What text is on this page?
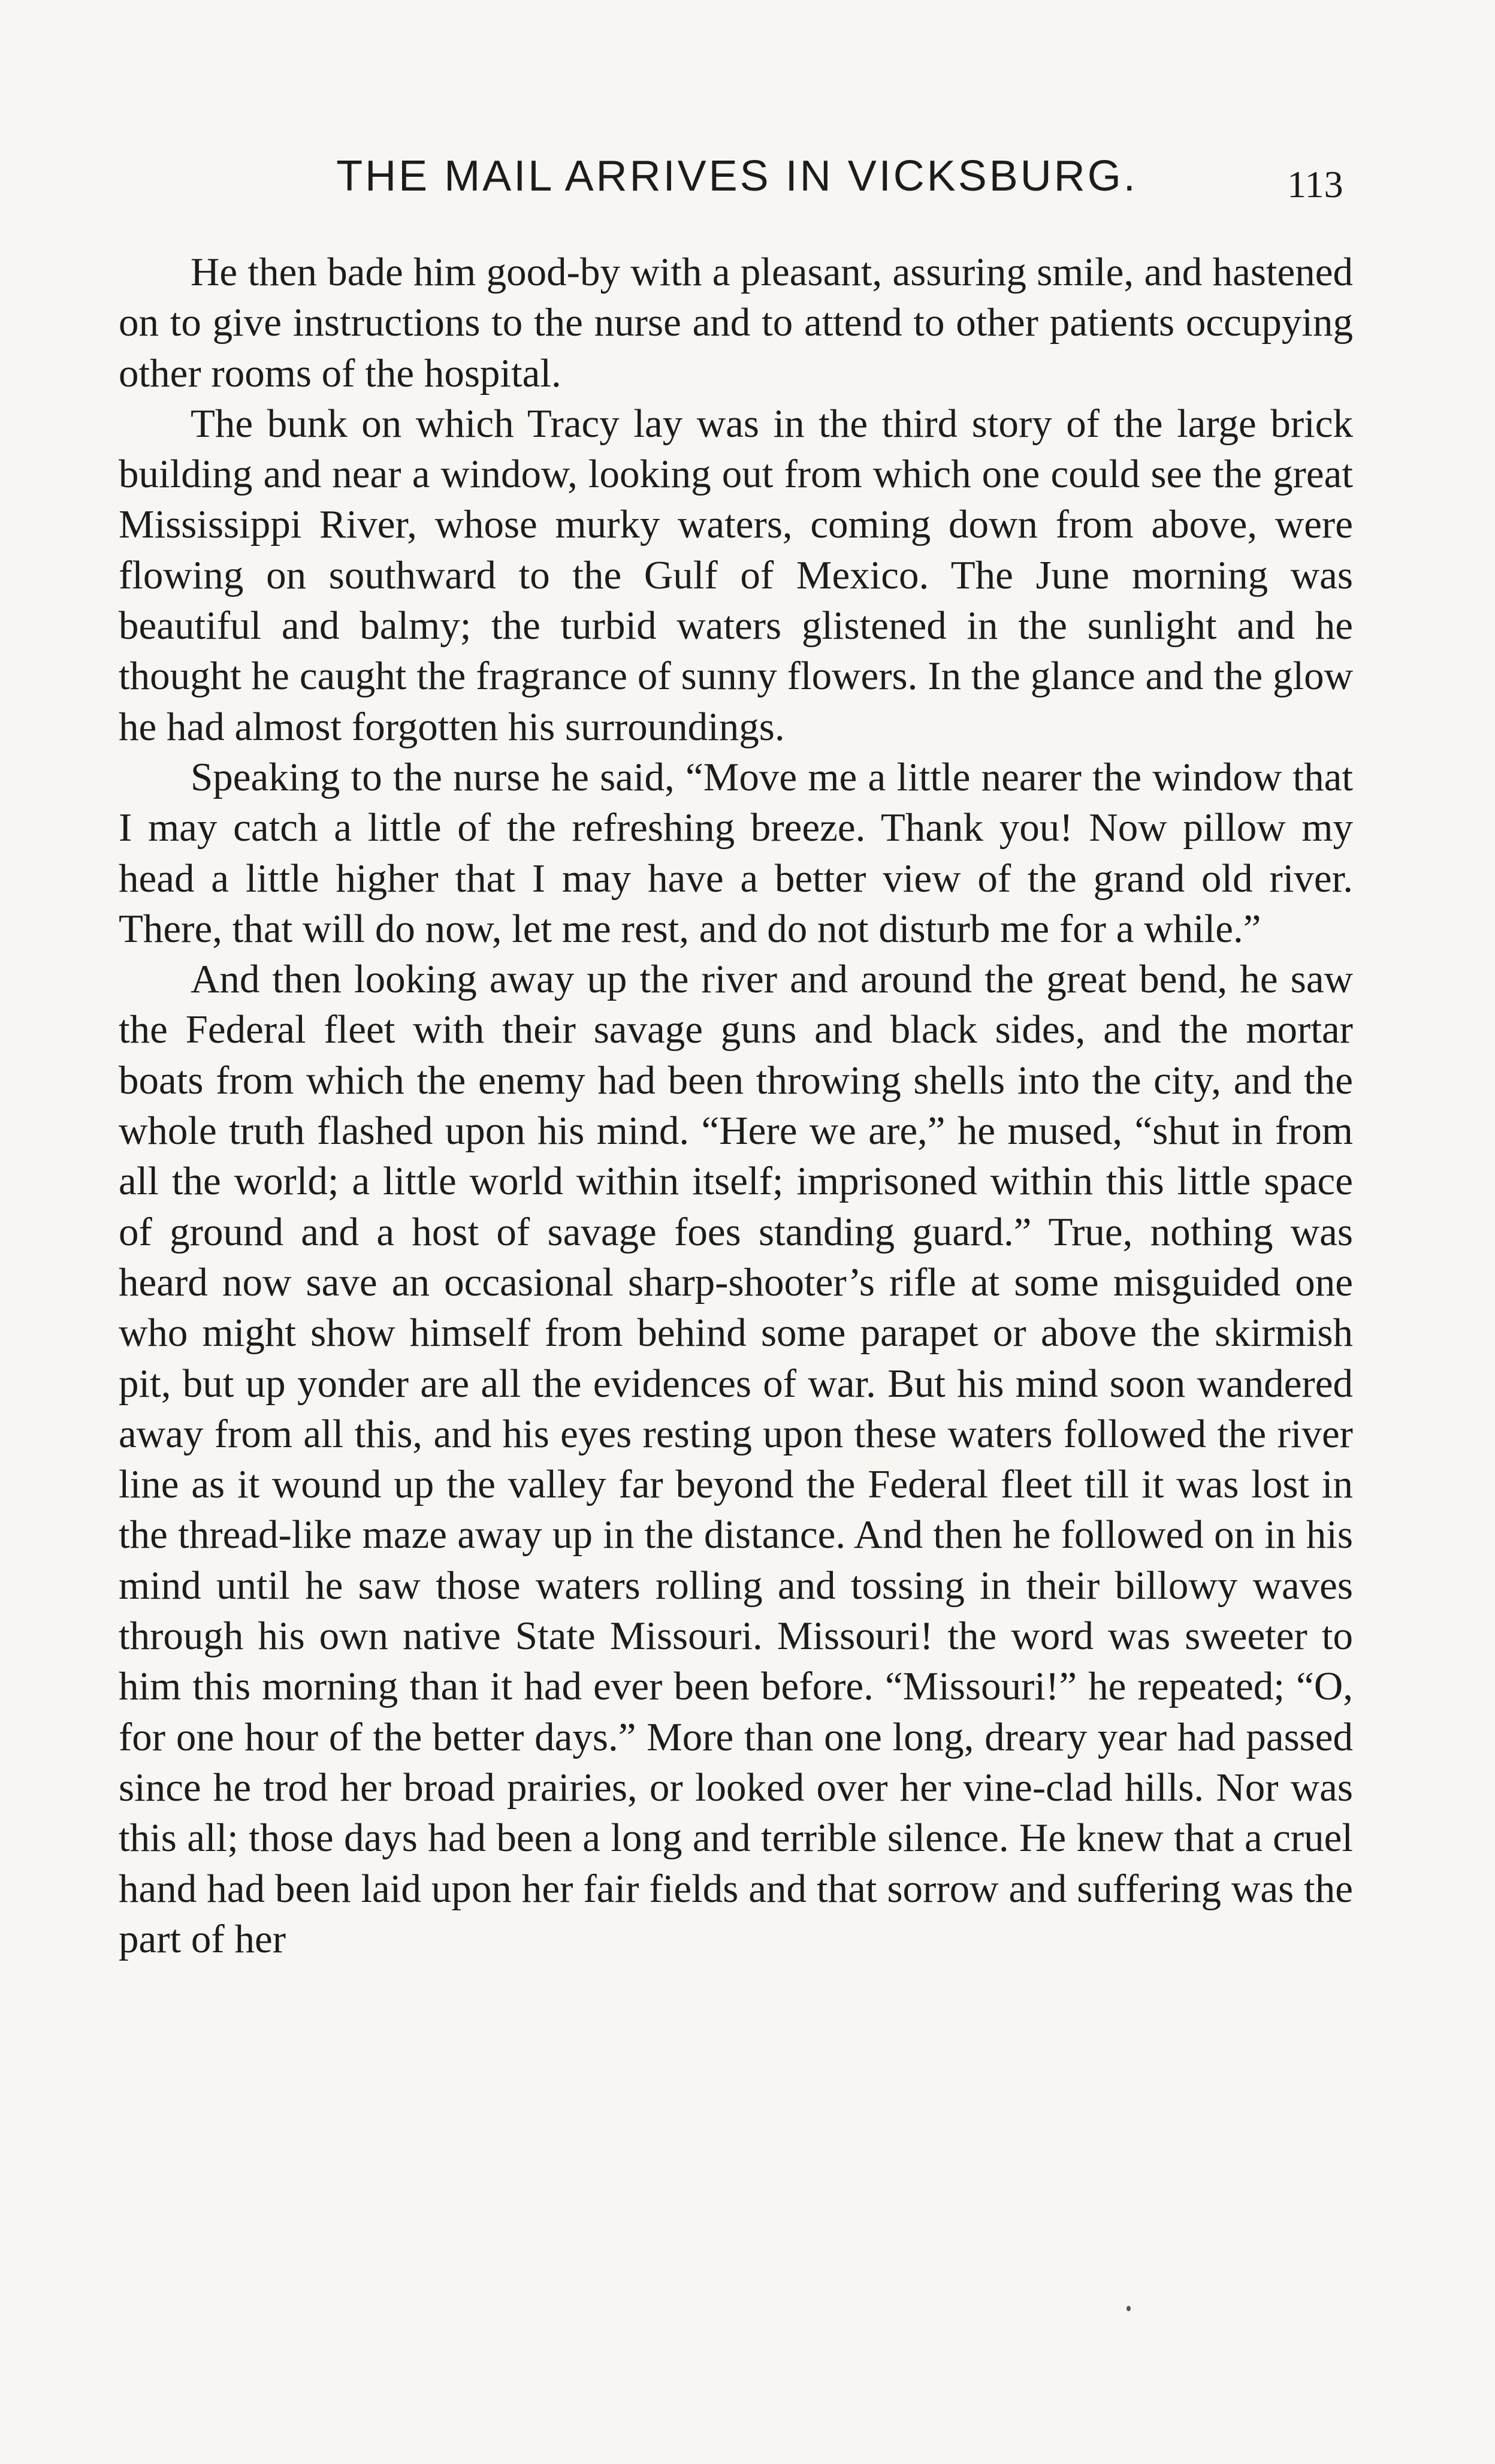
THE MAIL ARRIVES IN VICKSBURG.	113

He then bade him good-by with a pleasant, assuring smile, and hastened on to give instructions to the nurse and to attend to other patients occupying other rooms of the hospital.

The bunk on which Tracy lay was in the third story of the large brick building and near a window, looking out from which one could see the great Mississippi River, whose murky waters, coming down from above, were flowing on southward to the Gulf of Mexico. The June morning was beautiful and balmy; the turbid waters glistened in the sunlight and he thought he caught the fragrance of sunny flowers. In the glance and the glow he had almost forgotten his surroundings.

Speaking to the nurse he said, “Move me a little nearer the window that I may catch a little of the refreshing breeze. Thank you! Now pillow my head a little higher that I may have a better view of the grand old river. There, that will do now, let me rest, and do not disturb me for a while.”

And then looking away up the river and around the great bend, he saw the Federal fleet with their savage guns and black sides, and the mortar boats from which the enemy had been throwing shells into the city, and the whole truth flashed upon his mind. “Here we are,” he mused, “shut in from all the world; a little world within itself; imprisoned within this little space of ground and a host of savage foes standing guard.” True, nothing was heard now save an occasional sharp-shooter’s rifle at some misguided one who might show himself from behind some parapet or above the skirmish pit, but up yonder are all the evidences of war. But his mind soon wandered away from all this, and his eyes resting upon these waters followed the river line as it wound up the valley far beyond the Federal fleet till it was lost in the thread-like maze away up in the distance. And then he followed on in his mind until he saw those waters rolling and tossing in their billowy waves through his own native State Missouri. Missouri! the word was sweeter to him this morning than it had ever been before. “Missouri!” he repeated; “O, for one hour of the better days.” More than one long, dreary year had passed since he trod her broad prairies, or looked over her vine-clad hills. Nor was this all; those days had been a long and terrible silence. He knew that a cruel hand had been laid upon her fair fields and that sorrow and suffering was the part of her
